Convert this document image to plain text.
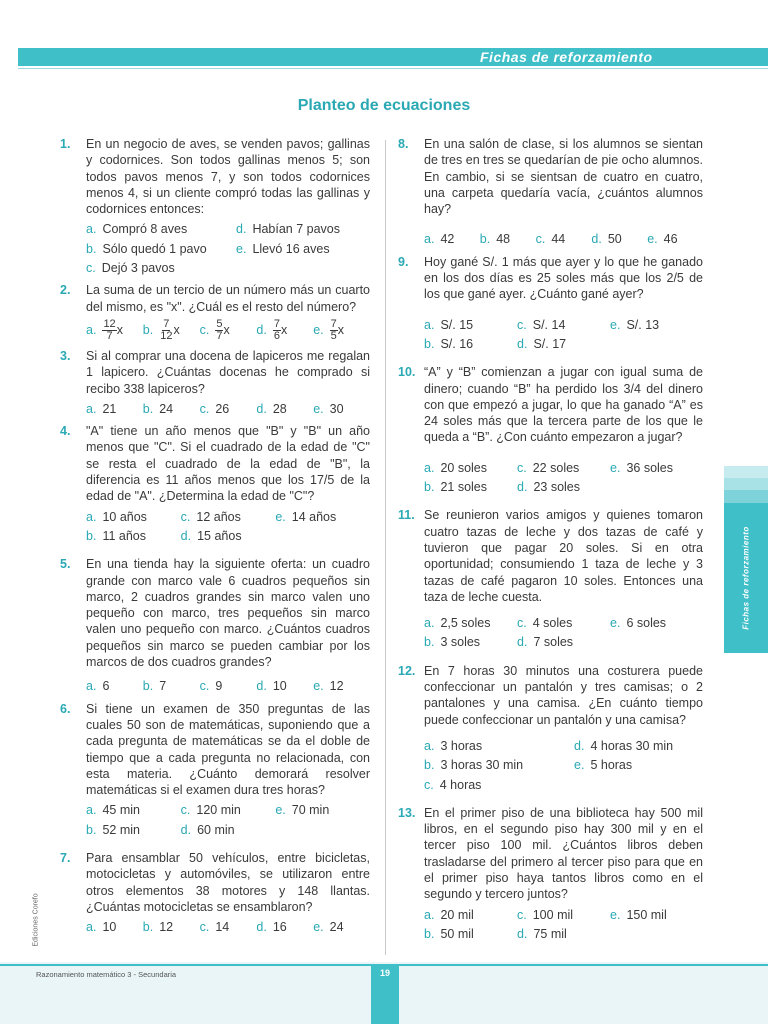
Fichas de reforzamiento
Planteo de ecuaciones
1.	En un negocio de aves, se venden pavos; gallinas y codornices. Son todos gallinas menos 5; son todos pavos menos 7, y son todos codornices menos 4, si un cliente compró todas las gallinas y codornices entonces:
a. Compró 8 aves	d. Habían 7 pavos
b. Sólo quedó 1 pavo	e. Llevó 16 aves
c. Dejó 3 pavos
2.	La suma de un tercio de un número más un cuarto del mismo, es "x". ¿Cuál es el resto del número?
a. $\frac{12}{7}$ x	b. $\frac{7}{12}$ x	c. $\frac{5}{7}$ x	d. $\frac{7}{6}$ x	e. $\frac{7}{5}$ x
3.	Si al comprar una docena de lapiceros me regalan 1 lapicero. ¿Cuántas docenas he comprado si recibo 338 lapiceros?
a. 21	b. 24	c. 26	d. 28	e. 30
4.	"A" tiene un año menos que "B" y "B" un año menos que "C". Si el cuadrado de la edad de "C" se resta el cuadrado de la edad de "B", la diferencia es 11 años menos que los 17/5 de la edad de "A". ¿Determina la edad de "C"?
a. 10 años	c. 12 años	e. 14 años
b. 11 años	d. 15 años
5.	En una tienda hay la siguiente oferta: un cuadro grande con marco vale 6 cuadros pequeños sin marco, 2 cuadros grandes sin marco valen uno pequeño con marco, tres pequeños sin marco valen uno pequeño con marco. ¿Cuántos cuadros pequeños sin marco se pueden cambiar por los marcos de dos cuadros grandes?
a. 6	b. 7	c. 9	d. 10	e. 12
6.	Si tiene un examen de 350 preguntas de las cuales 50 son de matemáticas, suponiendo que a cada pregunta de matemáticas se da el doble de tiempo que a cada pregunta no relacionada, con esta materia. ¿Cuánto demorará resolver matemáticas si el examen dura tres horas?
a. 45 min	c. 120 min	e. 70 min
b. 52 min	d. 60 min
7.	Para ensamblar 50 vehículos, entre bicicletas, motocicletas y automóviles, se utilizaron entre otros elementos 38 motores y 148 llantas. ¿Cuántas motocicletas se ensamblaron?
a. 10	b. 12	c. 14	d. 16	e. 24
8.	En una salón de clase, si los alumnos se sientan de tres en tres se quedarían de pie ocho alumnos. En cambio, si se sientsan de cuatro en cuatro, una carpeta quedaría vacía, ¿cuántos alumnos hay?
a. 42	b. 48	c. 44	d. 50	e. 46
9.	Hoy gané S/. 1 más que ayer y lo que he ganado en los dos días es 25 soles más que los 2/5 de los que gané ayer. ¿Cuánto gané ayer?
a. S/. 15	c. S/. 14	e. S/. 13
b. S/. 16	d. S/. 17
10. “A” y “B” comienzan a jugar con igual suma de dinero; cuando “B” ha perdido los 3/4 del dinero con que empezó a jugar, lo que ha ganado “A” es 24 soles más que la tercera parte de los que le queda a “B”. ¿Con cuánto empezaron a jugar?
a. 20 soles	c. 22 soles	e. 36 soles
b. 21 soles	d. 23 soles
11. Se reunieron varios amigos y quienes tomaron cuatro tazas de leche y dos tazas de café y tuvieron que pagar 20 soles. Si en otra oportunidad; consumiendo 1 taza de leche y 3 tazas de café pagaron 10 soles. Entonces una taza de leche cuesta.
a. 2,5 soles	c. 4 soles	e. 6 soles
b. 3 soles	d. 7 soles
12. En 7 horas 30 minutos una costurera puede confeccionar un pantalón y tres camisas; o 2 pantalones y una camisa. ¿En cuánto tiempo puede confeccionar un pantalón y una camisa?
a. 3 horas	d. 4 horas 30 min
b. 3 horas 30 min	e. 5 horas
c. 4 horas
13. En el primer piso de una biblioteca hay 500 mil libros, en el segundo piso hay 300 mil y en el tercer piso 100 mil. ¿Cuántos libros deben trasladarse del primero al tercer piso para que en el primer piso haya tantos libros como en el segundo y tercero juntos?
a. 20 mil	c. 100 mil	e. 150 mil
b. 50 mil	d. 75 mil
Fichas de reforzamiento
Ediciones Corefo
Razonamiento matemático 3 - Secundaria	19
